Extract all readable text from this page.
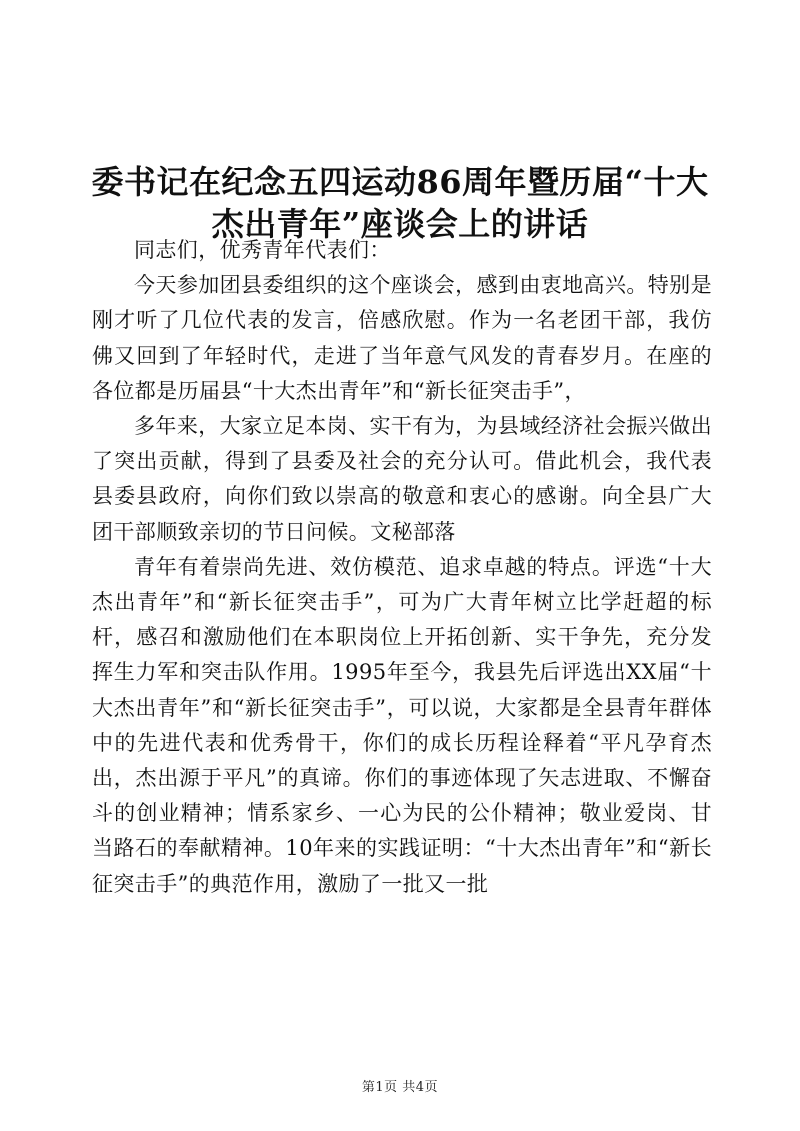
委书记在纪念五四运动86周年暨历届“十大
杰出青年”座谈会上的讲话

同志们，优秀青年代表们：

今天参加团县委组织的这个座谈会，感到由衷地高兴。特别是刚才听了几位代表的发言，倍感欣慰。作为一名老团干部，我仿佛又回到了年轻时代，走进了当年意气风发的青春岁月。在座的各位都是历届县“十大杰出青年”和“新长征突击手”，

多年来，大家立足本岗、实干有为，为县域经济社会振兴做出了突出贡献，得到了县委及社会的充分认可。借此机会，我代表县委县政府，向你们致以崇高的敬意和衷心的感谢。向全县广大团干部顺致亲切的节日问候。文秘部落

青年有着崇尚先进、效仿模范、追求卓越的特点。评选“十大杰出青年”和“新长征突击手”，可为广大青年树立比学赶超的标杆，感召和激励他们在本职岗位上开拓创新、实干争先，充分发挥生力军和突击队作用。1995年至今，我县先后评选出XX届“十大杰出青年”和“新长征突击手”，可以说，大家都是全县青年群体中的先进代表和优秀骨干，你们的成长历程诠释着“平凡孕育杰出，杰出源于平凡”的真谛。你们的事迹体现了矢志进取、不懈奋斗的创业精神；情系家乡、一心为民的公仆精神；敬业爱岗、甘当路石的奉献精神。10年来的实践证明：“十大杰出青年”和“新长征突击手”的典范作用，激励了一批又一批

第1页 共4页
